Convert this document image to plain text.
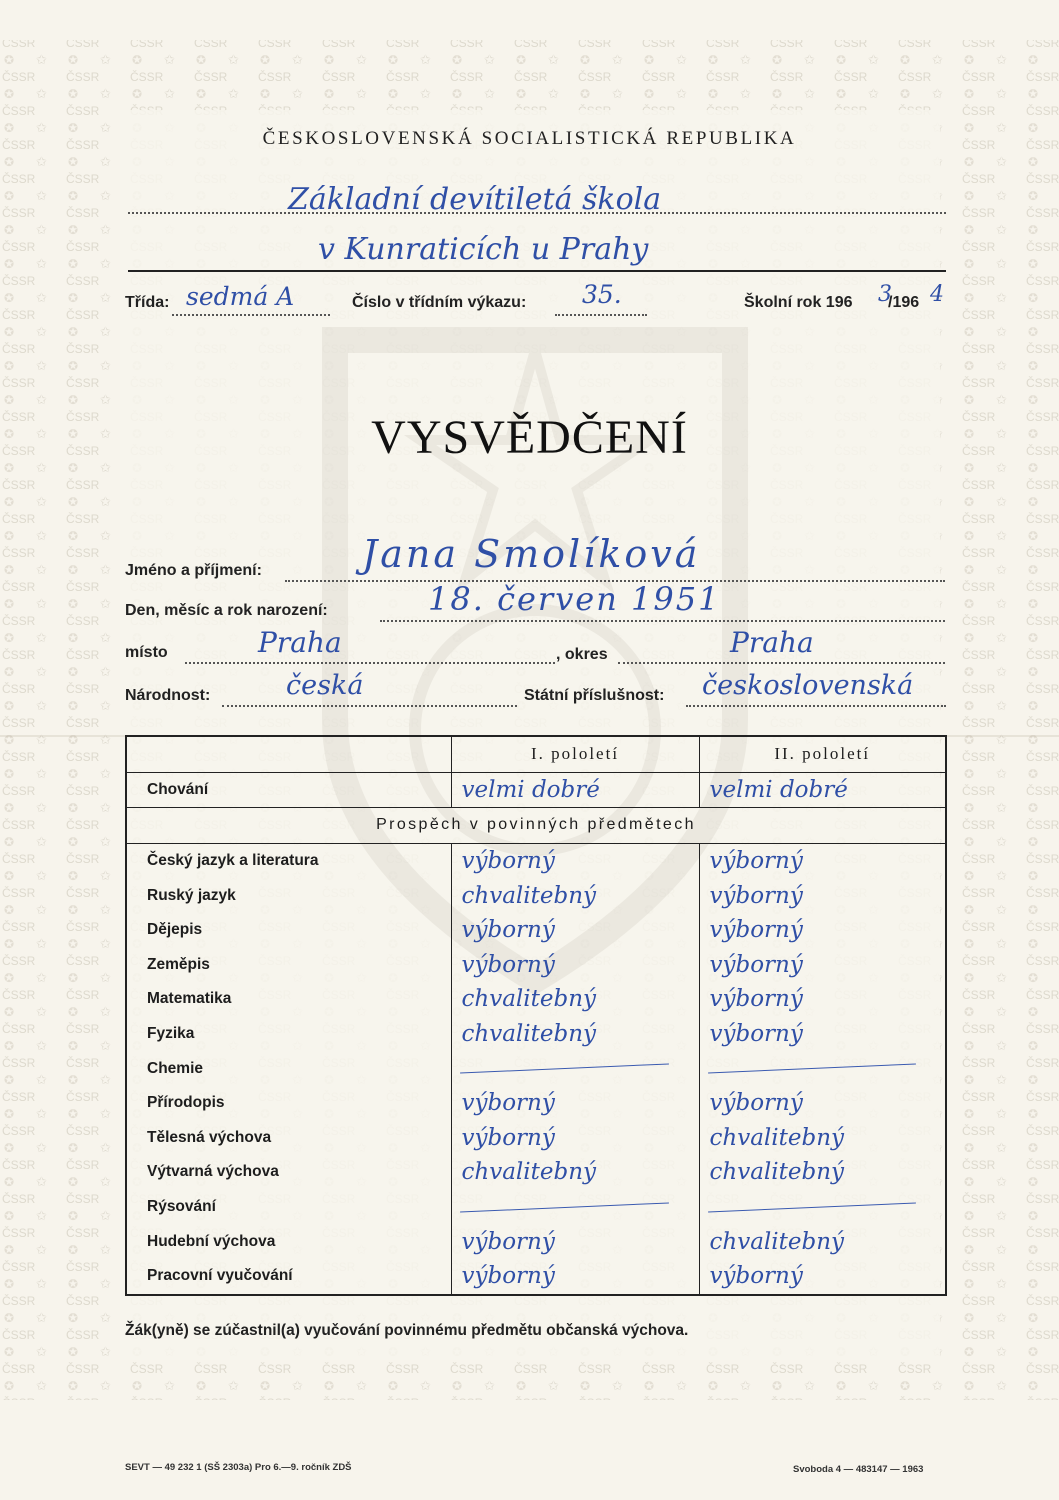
ČESKOSLOVENSKÁ SOCIALISTICKÁ REPUBLIKA
Základní devítiletá škola
v Kunraticích u Prahy
Třída: sedmá A	Číslo v třídním výkazu: 35.	Školní rok 196 3
/196 4
VYSVĚDČENÍ
Jméno a příjmení:	Jana Smolíková
Den, měsíc a rok narození:	18. červen 1951
místo	Praha	, okres	Praha
Národnost:	česká	Státní příslušnost: československá
	I. pololetí	II. pololetí
Chování	velmi dobré	velmi dobré
Prospěch v povinných předmětech		
Český jazyk a literatura	výborný	výborný
Ruský jazyk	chvalitebný	výborný
Dějepis	výborný	výborný
Zeměpis	výborný	výborný
Matematika	chvalitebný	výborný
Fyzika	chvalitebný	výborný
Chemie	

Přírodopis	výborný	výborný
Tělesná výchova	výborný	chvalitebný
Výtvarná výchova	chvalitebný	chvalitebný
Rýsování	

Hudební výchova	výborný	chvalitebný
Pracovní vyučování	výborný	výborný
Žák(yně) se zúčastnil(a) vyučování povinnému předmětu občanská výchova.
SEVT — 49 232 1 (SŠ 2303a) Pro 6.—9. ročník ZDŠ	Svoboda 4 — 483147 — 1963
